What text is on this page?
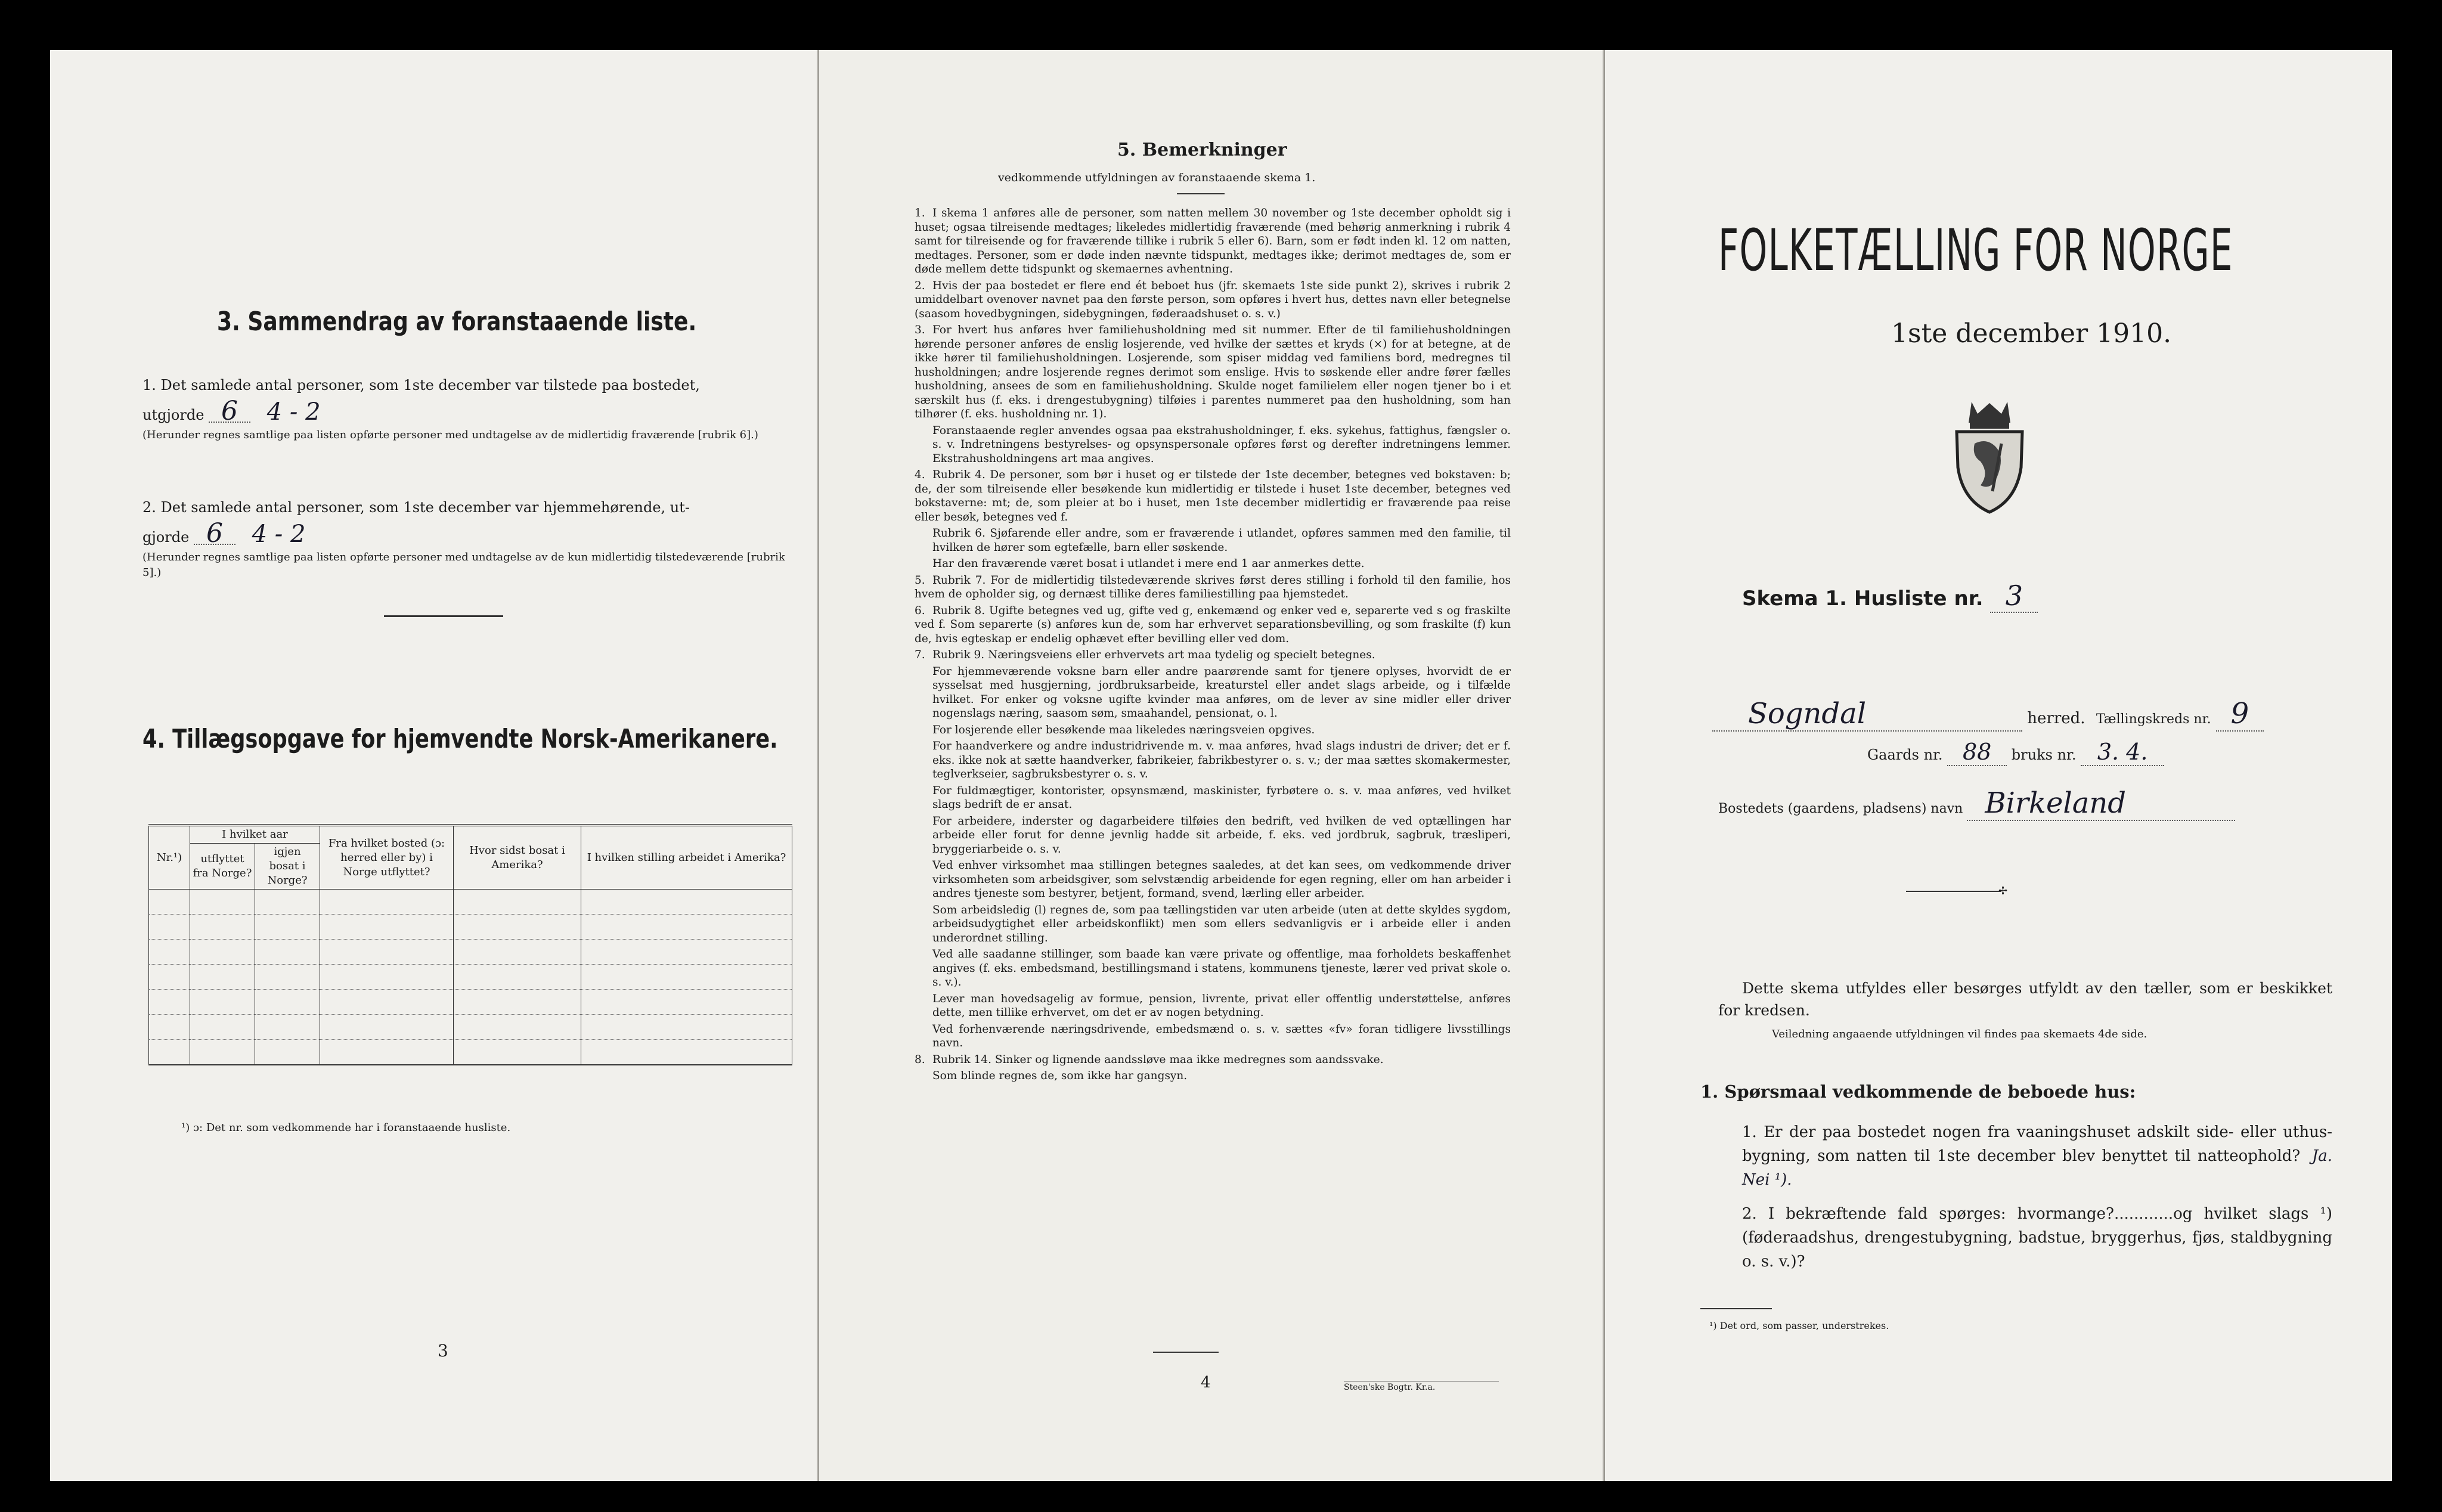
3. Sammendrag av foranstaaende liste.
1. Det samlede antal personer, som 1ste december var tilstede paa bostedet,
utgjorde 6 4 - 2
(Herunder regnes samtlige paa listen opførte personer med undtagelse av de midlertidig fraværende [rubrik 6].)
2. Det samlede antal personer, som 1ste december var hjemmehørende, ut-
gjorde 6 4 - 2
(Herunder regnes samtlige paa listen opførte personer med undtagelse av de kun midlertidig tilstedeværende [rubrik 5].)
4. Tillægsopgave for hjemvendte Norsk-Amerikanere.
Nr.¹)	I hvilket aar		Fra hvilket bosted (ɔ: herred eller by) i Norge utflyttet?	Hvor sidst bosat i Amerika?	I hvilken stilling arbeidet i Amerika?
	utflyttet fra Norge?	igjen bosat i Norge?			

¹) ɔ: Det nr. som vedkommende har i foranstaaende husliste.
3
5. Bemerkninger
vedkommende utfyldningen av foranstaaende skema 1.

1. I skema 1 anføres alle de personer, som natten mellem 30 november og 1ste december opholdt sig i huset; ogsaa tilreisende medtages; likeledes midlertidig fraværende (med behørig anmerkning i rubrik 4 samt for tilreisende og for fraværende tillike i rubrik 5 eller 6). Barn, som er født inden kl. 12 om natten, medtages. Personer, som er døde inden nævnte tidspunkt, medtages ikke; derimot medtages de, som er døde mellem dette tidspunkt og skemaernes avhentning.

2. Hvis der paa bostedet er flere end ét beboet hus (jfr. skemaets 1ste side punkt 2), skrives i rubrik 2 umiddelbart ovenover navnet paa den første person, som opføres i hvert hus, dettes navn eller betegnelse (saasom hovedbygningen, sidebygningen, føderaadshuset o. s. v.)

3. For hvert hus anføres hver familiehusholdning med sit nummer. Efter de til familiehusholdningen hørende personer anføres de enslig losjerende, ved hvilke der sættes et kryds (×) for at betegne, at de ikke hører til familiehusholdningen. Losjerende, som spiser middag ved familiens bord, medregnes til husholdningen; andre losjerende regnes derimot som enslige. Hvis to søskende eller andre fører fælles husholdning, ansees de som en familiehusholdning. Skulde noget familielem eller nogen tjener bo i et særskilt hus (f. eks. i drengestubygning) tilføies i parentes nummeret paa den husholdning, som han tilhører (f. eks. husholdning nr. 1).

Foranstaaende regler anvendes ogsaa paa ekstrahusholdninger, f. eks. sykehus, fattighus, fængsler o. s. v. Indretningens bestyrelses- og opsynspersonale opføres først og derefter indretningens lemmer. Ekstrahusholdningens art maa angives.

4. Rubrik 4. De personer, som bør i huset og er tilstede der 1ste december, betegnes ved bokstaven: b; de, der som tilreisende eller besøkende kun midlertidig er tilstede i huset 1ste december, betegnes ved bokstaverne: mt; de, som pleier at bo i huset, men 1ste december midlertidig er fraværende paa reise eller besøk, betegnes ved f.

Rubrik 6. Sjøfarende eller andre, som er fraværende i utlandet, opføres sammen med den familie, til hvilken de hører som egtefælle, barn eller søskende.

Har den fraværende været bosat i utlandet i mere end 1 aar anmerkes dette.

5. Rubrik 7. For de midlertidig tilstedeværende skrives først deres stilling i forhold til den familie, hos hvem de opholder sig, og dernæst tillike deres familiestilling paa hjemstedet.

6. Rubrik 8. Ugifte betegnes ved ug, gifte ved g, enkemænd og enker ved e, separerte ved s og fraskilte ved f. Som separerte (s) anføres kun de, som har erhvervet separationsbevilling, og som fraskilte (f) kun de, hvis egteskap er endelig ophævet efter bevilling eller ved dom.

7. Rubrik 9. Næringsveiens eller erhvervets art maa tydelig og specielt betegnes.

For hjemmeværende voksne barn eller andre paarørende samt for tjenere oplyses, hvorvidt de er sysselsat med husgjerning, jordbruksarbeide, kreaturstel eller andet slags arbeide, og i tilfælde hvilket. For enker og voksne ugifte kvinder maa anføres, om de lever av sine midler eller driver nogenslags næring, saasom søm, smaahandel, pensionat, o. l.

For losjerende eller besøkende maa likeledes næringsveien opgives.

For haandverkere og andre industridrivende m. v. maa anføres, hvad slags industri de driver; det er f. eks. ikke nok at sætte haandverker, fabrikeier, fabrikbestyrer o. s. v.; der maa sættes skomakermester, teglverkseier, sagbruksbestyrer o. s. v.

For fuldmægtiger, kontorister, opsynsmænd, maskinister, fyrbøtere o. s. v. maa anføres, ved hvilket slags bedrift de er ansat.

For arbeidere, inderster og dagarbeidere tilføies den bedrift, ved hvilken de ved optællingen har arbeide eller forut for denne jevnlig hadde sit arbeide, f. eks. ved jordbruk, sagbruk, træsliperi, bryggeriarbeide o. s. v.

Ved enhver virksomhet maa stillingen betegnes saaledes, at det kan sees, om vedkommende driver virksomheten som arbeidsgiver, som selvstændig arbeidende for egen regning, eller om han arbeider i andres tjeneste som bestyrer, betjent, formand, svend, lærling eller arbeider.

Som arbeidsledig (l) regnes de, som paa tællingstiden var uten arbeide (uten at dette skyldes sygdom, arbeidsudygtighet eller arbeidskonflikt) men som ellers sedvanligvis er i arbeide eller i anden underordnet stilling.

Ved alle saadanne stillinger, som baade kan være private og offentlige, maa forholdets beskaffenhet angives (f. eks. embedsmand, bestillingsmand i statens, kommunens tjeneste, lærer ved privat skole o. s. v.).

Lever man hovedsagelig av formue, pension, livrente, privat eller offentlig understøttelse, anføres dette, men tillike erhvervet, om det er av nogen betydning.

Ved forhenværende næringsdrivende, embedsmænd o. s. v. sættes «fv» foran tidligere livsstillings navn.

8. Rubrik 14. Sinker og lignende aandssløve maa ikke medregnes som aandssvake.

Som blinde regnes de, som ikke har gangsyn.

4	Steen'ske Bogtr. Kr.a.
FOLKETÆLLING FOR NORGE
1ste december 1910.
Skema 1. Husliste nr. 3
Sogndal	herred. Tællingskreds nr. 9
Gaards nr. 88 bruks nr. 3. 4.
Bostedets (gaardens, pladsens) navn Birkeland
✢
Dette skema utfyldes eller besørges utfyldt av den tæller, som er beskikket for kredsen.
Veiledning angaaende utfyldningen vil findes paa skemaets 4de side.
1. Spørsmaal vedkommende de beboede hus:
1. Er der paa bostedet nogen fra vaaningshuset adskilt side- eller uthus-bygning, som natten til 1ste december blev benyttet til natteophold? Ja. Nei ¹).
2. I bekræftende fald spørges: hvormange?............og hvilket slags ¹) (føderaadshus, drengestubygning, badstue, bryggerhus, fjøs, staldbygning o. s. v.)?
¹) Det ord, som passer, understrekes.
